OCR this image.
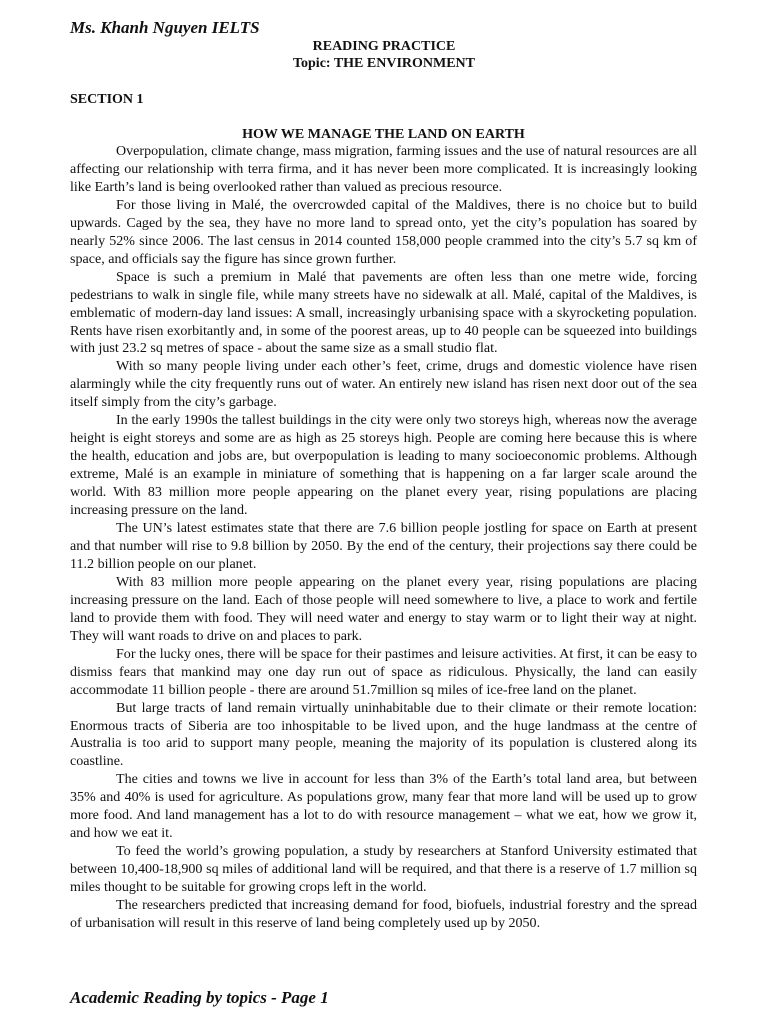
Ms. Khanh Nguyen IELTS
READING PRACTICE
Topic: THE ENVIRONMENT
SECTION 1
HOW WE MANAGE THE LAND ON EARTH

Overpopulation, climate change, mass migration, farming issues and the use of natural resources are all affecting our relationship with terra firma, and it has never been more complicated. It is increasingly looking like Earth’s land is being overlooked rather than valued as precious resource.

For those living in Malé, the overcrowded capital of the Maldives, there is no choice but to build upwards. Caged by the sea, they have no more land to spread onto, yet the city’s population has soared by nearly 52% since 2006. The last census in 2014 counted 158,000 people crammed into the city’s 5.7 sq km of space, and officials say the figure has since grown further.

Space is such a premium in Malé that pavements are often less than one metre wide, forcing pedestrians to walk in single file, while many streets have no sidewalk at all. Malé, capital of the Maldives, is emblematic of modern-day land issues: A small, increasingly urbanising space with a skyrocketing population. Rents have risen exorbitantly and, in some of the poorest areas, up to 40 people can be squeezed into buildings with just 23.2 sq metres of space - about the same size as a small studio flat.

With so many people living under each other’s feet, crime, drugs and domestic violence have risen alarmingly while the city frequently runs out of water. An entirely new island has risen next door out of the sea itself simply from the city’s garbage.

In the early 1990s the tallest buildings in the city were only two storeys high, whereas now the average height is eight storeys and some are as high as 25 storeys high. People are coming here because this is where the health, education and jobs are, but overpopulation is leading to many socioeconomic problems. Although extreme, Malé is an example in miniature of something that is happening on a far larger scale around the world. With 83 million more people appearing on the planet every year, rising populations are placing increasing pressure on the land.

The UN’s latest estimates state that there are 7.6 billion people jostling for space on Earth at present and that number will rise to 9.8 billion by 2050. By the end of the century, their projections say there could be 11.2 billion people on our planet.

With 83 million more people appearing on the planet every year, rising populations are placing increasing pressure on the land. Each of those people will need somewhere to live, a place to work and fertile land to provide them with food. They will need water and energy to stay warm or to light their way at night. They will want roads to drive on and places to park.

For the lucky ones, there will be space for their pastimes and leisure activities. At first, it can be easy to dismiss fears that mankind may one day run out of space as ridiculous. Physically, the land can easily accommodate 11 billion people - there are around 51.7million sq miles of ice-free land on the planet.

But large tracts of land remain virtually uninhabitable due to their climate or their remote location: Enormous tracts of Siberia are too inhospitable to be lived upon, and the huge landmass at the centre of Australia is too arid to support many people, meaning the majority of its population is clustered along its coastline.

The cities and towns we live in account for less than 3% of the Earth’s total land area, but between 35% and 40% is used for agriculture. As populations grow, many fear that more land will be used up to grow more food. And land management has a lot to do with resource management – what we eat, how we grow it, and how we eat it.

To feed the world’s growing population, a study by researchers at Stanford University estimated that between 10,400-18,900 sq miles of additional land will be required, and that there is a reserve of 1.7 million sq miles thought to be suitable for growing crops left in the world.

The researchers predicted that increasing demand for food, biofuels, industrial forestry and the spread of urbanisation will result in this reserve of land being completely used up by 2050.

Academic Reading by topics - Page 1
